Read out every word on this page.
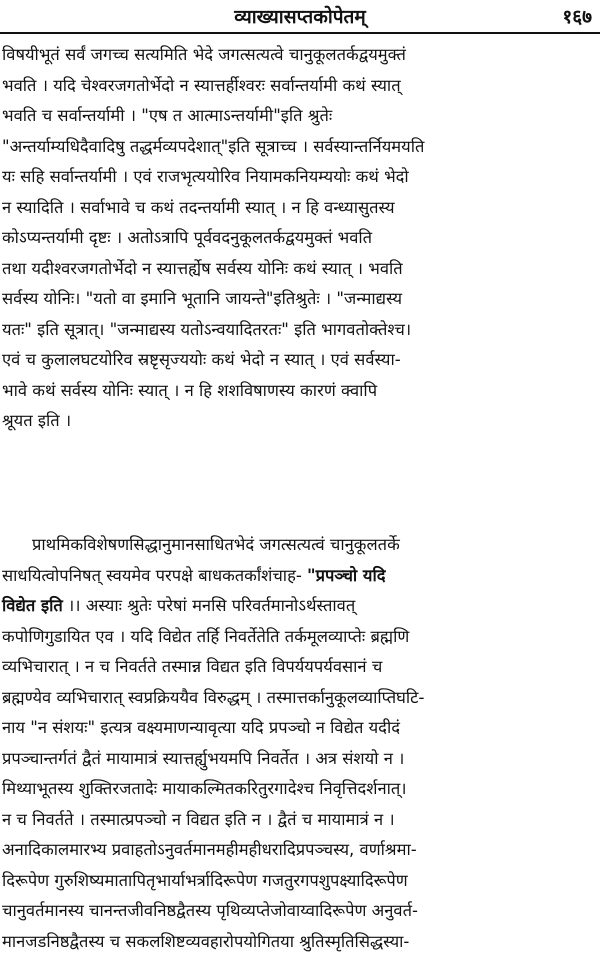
व्याख्यासप्तकोपेतम्	१६७
विषयीभूतं सर्वं जगच्च सत्यमिति भेदे जगत्सत्यत्वे चानुकूलतर्कद्वयमुक्तं
भवति । यदि चेश्वरजगतोर्भेदो न स्यात्तर्हीश्वरः सर्वान्तर्यामी कथं स्यात्
भवति च सर्वान्तर्यामी । "एष त आत्माऽन्तर्यामी"इति श्रुतेः
"अन्तर्याम्यधिदैवादिषु तद्धर्मव्यपदेशात्"इति सूत्राच्च । सर्वस्यान्तर्नियमयति
यः सहि सर्वान्तर्यामी । एवं राजभृत्ययोरिव नियामकनियम्ययोः कथं भेदो
न स्यादिति । सर्वाभावे च कथं तदन्तर्यामी स्यात् । न हि वन्ध्यासुतस्य
कोऽप्यन्तर्यामी दृष्टः । अतोऽत्रापि पूर्ववदनुकूलतर्कद्वयमुक्तं भवति
तथा यदीश्वरजगतोर्भेदो न स्यात्तर्ह्येष सर्वस्य योनिः कथं स्यात् । भवति
सर्वस्य योनिः। "यतो वा इमानि भूतानि जायन्ते"इतिश्रुतेः । "जन्माद्यस्य
यतः" इति सूत्रात्। "जन्माद्यस्य यतोऽन्वयादितरतः" इति भागवतोक्तेश्च।
एवं च कुलालघटयोरिव स्रष्टृसृज्ययोः कथं भेदो न स्यात् । एवं सर्वस्या-
भावे कथं सर्वस्य योनिः स्यात् । न हि शशविषाणस्य कारणं क्वापि
श्रूयत इति ।
प्राथमिकविशेषणसिद्धानुमानसाधितभेदं जगत्सत्यत्वं चानुकूलतर्के
साधयित्वोपनिषत् स्वयमेव परपक्षे बाधकतर्कांशंचाह- "प्रपञ्चो यदि
विद्येत इति ।। अस्याः श्रुतेः परेषां मनसि परिवर्तमानोऽर्थस्तावत्
कपोणिगुडायित एव । यदि विद्येत तर्हि निवर्तेतेति तर्कमूलव्याप्तेः ब्रह्मणि
व्यभिचारात् । न च निवर्तते तस्मान्न विद्यत इति विपर्ययपर्यवसानं च
ब्रह्मण्येव व्यभिचारात् स्वप्रक्रिययैव विरुद्धम् । तस्मात्तर्कानुकूलव्याप्तिघटि-
नाय "न संशयः" इत्यत्र वक्ष्यमाणन्यावृत्या यदि प्रपञ्चो न विद्येत यदीदं
प्रपञ्चान्तर्गतं द्वैतं मायामात्रं स्यात्तर्ह्युभयमपि निवर्तेत । अत्र संशयो न ।
मिथ्याभूतस्य शुक्तिरजतादेः मायाकल्मितकरितुरगादेश्च निवृत्तिदर्शनात्।
न च निवर्तते । तस्मात्प्रपञ्चो न विद्यत इति न । द्वैतं च मायामात्रं न ।
अनादिकालमारभ्य प्रवाहतोऽनुवर्तमानमहीमहीधरादिप्रपञ्चस्य, वर्णाश्रमा-
दिरूपेण गुरुशिष्यमातापितृभार्याभर्त्रादिरूपेण गजतुरगपशुपक्ष्यादिरूपेण
चानुवर्तमानस्य चानन्तजीवनिष्ठद्वैतस्य पृथिव्यप्तेजोवाय्वादिरूपेण अनुवर्त-
मानजडनिष्ठद्वैतस्य च सकलशिष्टव्यवहारोपयोगितया श्रुतिस्मृतिसिद्धस्या-
